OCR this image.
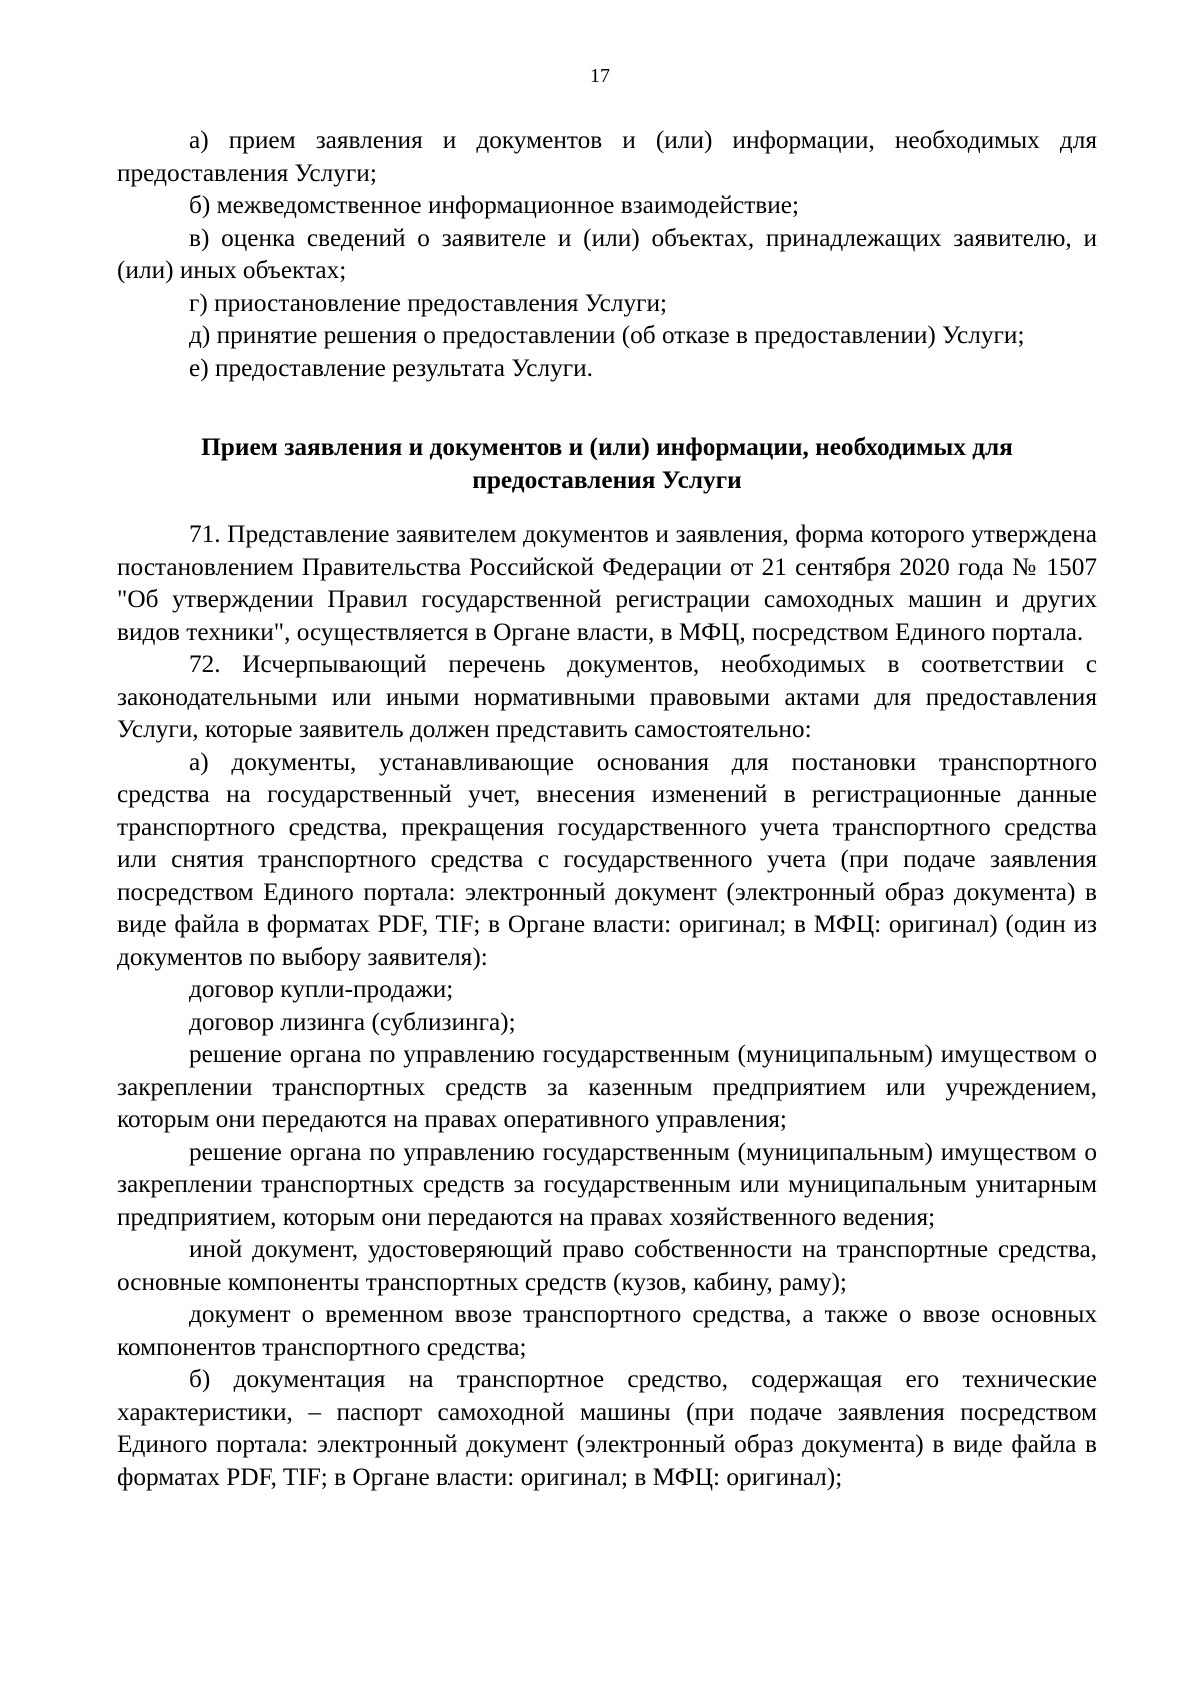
17

а) прием заявления и документов и (или) информации, необходимых для предоставления Услуги;

б) межведомственное информационное взаимодействие;

в) оценка сведений о заявителе и (или) объектах, принадлежащих заявителю, и (или) иных объектах;

г) приостановление предоставления Услуги;

д) принятие решения о предоставлении (об отказе в предоставлении) Услуги;

е) предоставление результата Услуги.

Прием заявления и документов и (или) информации, необходимых для предоставления Услуги

71. Представление заявителем документов и заявления, форма которого утверждена постановлением Правительства Российской Федерации от 21 сентября 2020 года № 1507 "Об утверждении Правил государственной регистрации самоходных машин и других видов техники", осуществляется в Органе власти, в МФЦ, посредством Единого портала.

72. Исчерпывающий перечень документов, необходимых в соответствии с законодательными или иными нормативными правовыми актами для предоставления Услуги, которые заявитель должен представить самостоятельно:

а) документы, устанавливающие основания для постановки транспортного средства на государственный учет, внесения изменений в регистрационные данные транспортного средства, прекращения государственного учета транспортного средства или снятия транспортного средства с государственного учета (при подаче заявления посредством Единого портала: электронный документ (электронный образ документа) в виде файла в форматах PDF, TIF; в Органе власти: оригинал; в МФЦ: оригинал) (один из документов по выбору заявителя):

договор купли-продажи;

договор лизинга (сублизинга);

решение органа по управлению государственным (муниципальным) имуществом о закреплении транспортных средств за казенным предприятием или учреждением, которым они передаются на правах оперативного управления;

решение органа по управлению государственным (муниципальным) имуществом о закреплении транспортных средств за государственным или муниципальным унитарным предприятием, которым они передаются на правах хозяйственного ведения;

иной документ, удостоверяющий право собственности на транспортные средства, основные компоненты транспортных средств (кузов, кабину, раму);

документ о временном ввозе транспортного средства, а также о ввозе основных компонентов транспортного средства;

б) документация на транспортное средство, содержащая его технические характеристики, – паспорт самоходной машины (при подаче заявления посредством Единого портала: электронный документ (электронный образ документа) в виде файла в форматах PDF, TIF; в Органе власти: оригинал; в МФЦ: оригинал);
